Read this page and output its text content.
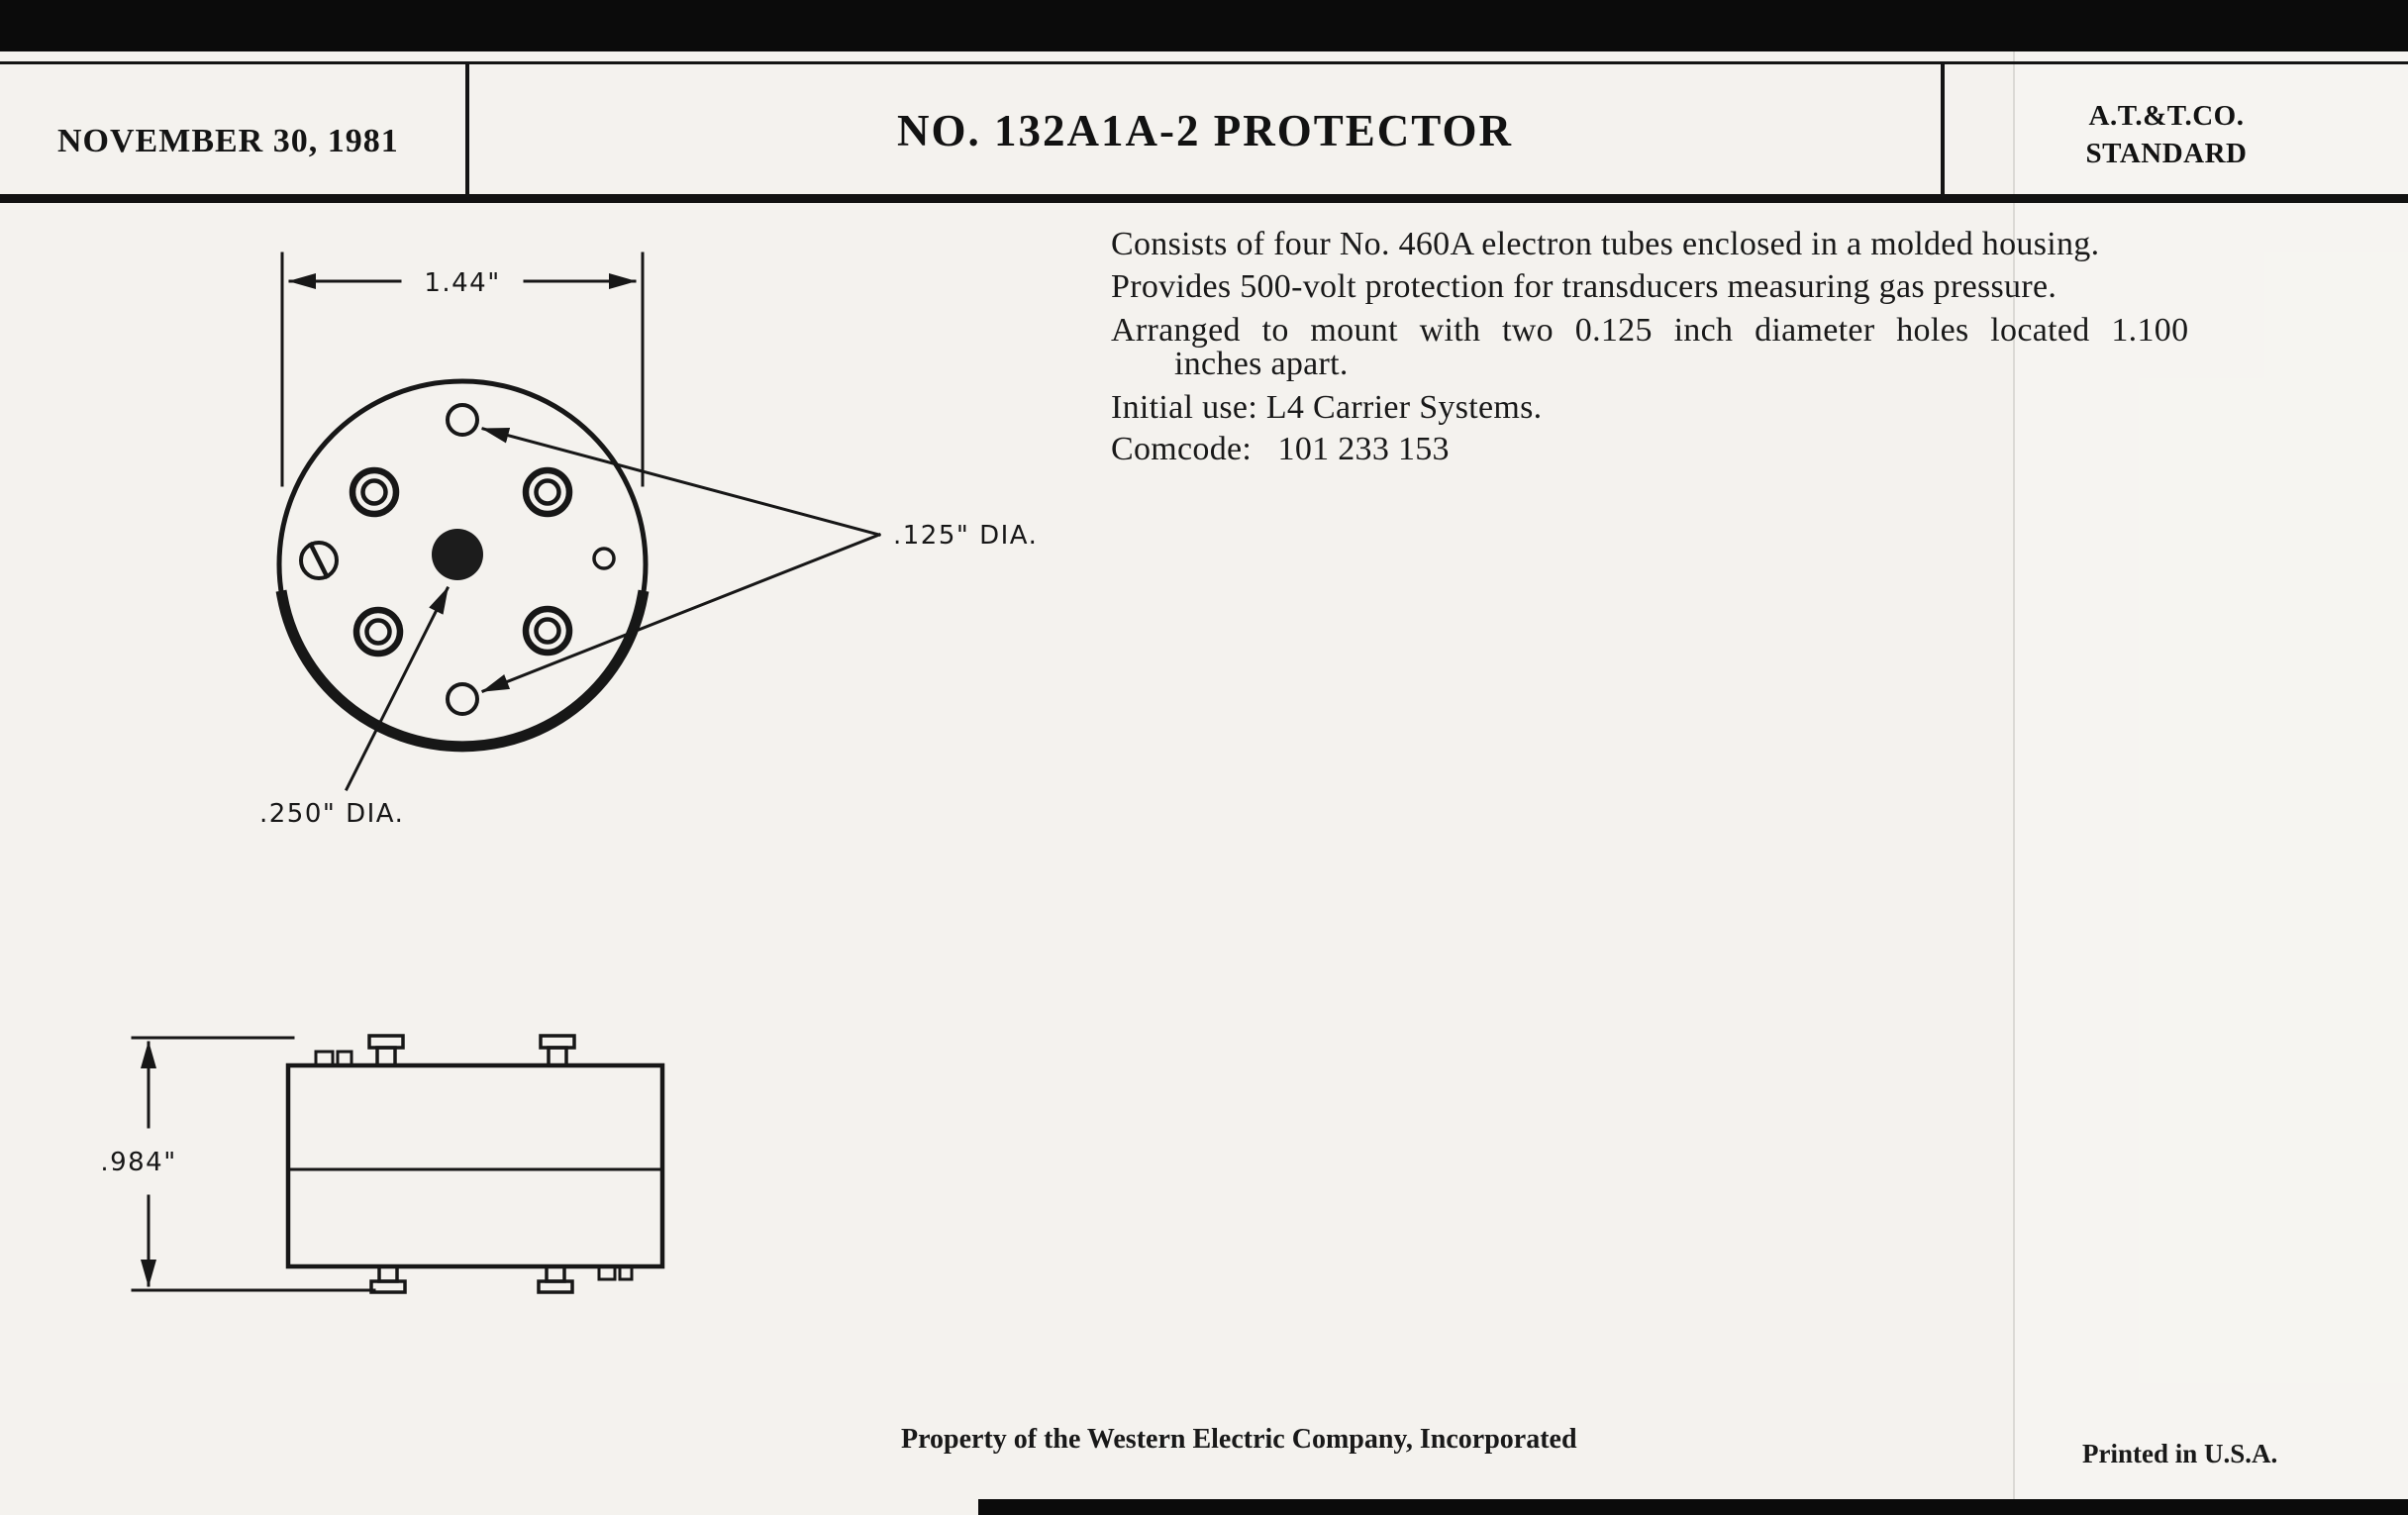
NOVEMBER 30, 1981	NO. 132A1A-2 PROTECTOR	A.T.&T.CO.
STANDARD
Consists of four No. 460A electron tubes enclosed in a molded housing.
Provides 500-volt protection for transducers measuring gas pressure.
Arranged to mount with two 0.125 inch diameter holes located 1.100
inches apart.
Initial use: L4 Carrier Systems.
Comcode:   101 233 153
1.44"
.125" DIA.
.250" DIA.
.984"
Property of the Western Electric Company, Incorporated	Printed in U.S.A.
